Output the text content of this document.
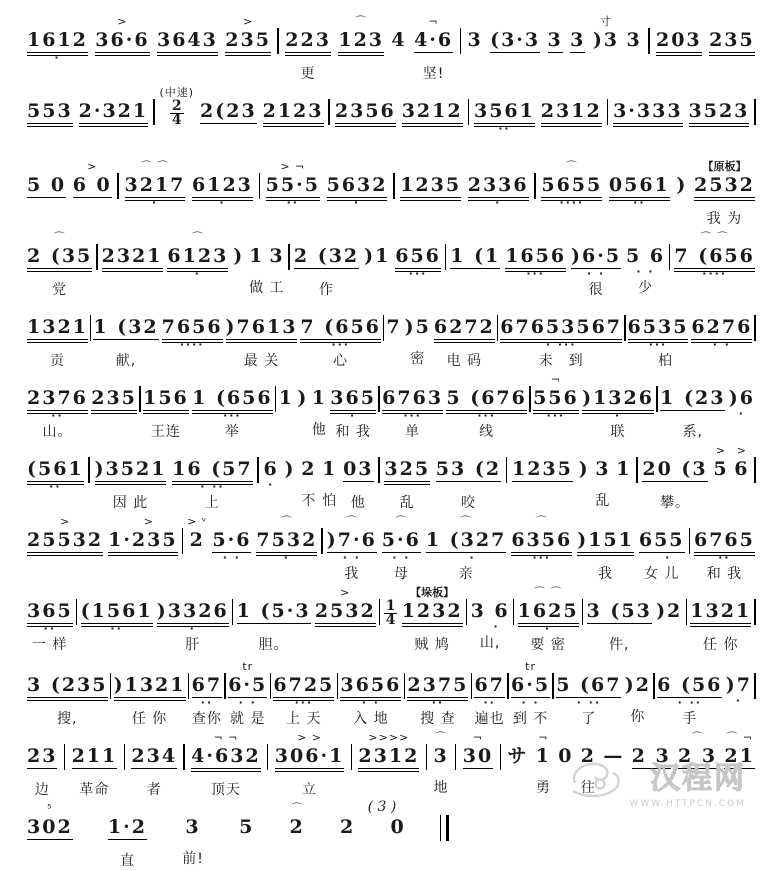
1612
·

>
36·6

3643

>
235

223

更
⌒
123

4

¬
4·6

坚!

3

(3·3

3

3

寸
)3

3

203

235

553

2·321

(中速)
$\frac{2}{4}$

2(23

2123

2356

3212

3561
··

2312

3·333

3523

5 0

>
6 0

⌒ ⌒
3217
·

6123
·

> ¬
55·5
··

5632
·

1235

2336
·

⌒
5655
····

0561
··

)

【原板】
2532

我 为
⌒
2 (35

党

2321

⌒
6123
·

)

1

做

3

工

2 (32

作

)1

656
···

1 (1

1656
···

)6·5
· ·
很

5 6
· ·
少
⌒ ⌒
7 (656
····

1321

贡

1 (32

献,

7656
····

)7613

最 关

7 (656
···
心

7

)5

密

6272

电 码

67653567
· ···
未　到

6535
···
　柏

6276
· ·

2376
··
山。

235

156

王连

1 (656
···
举

1

)

1

他

365
·
和 我

6763
···
单

5 (676
···
线
¬
556
···

)1326
·
联

1 (23

系,

)6
·

(561
··

)3521

因 此

16 (57
· ··
上

6
·

)

2

不

1

怕

03

他

325

乱

53 (2

咬

1235

)

3

乱

1

20 (3

攀。
>
5

>
6

>
25532

　>
1·235

> ᵛ
2

5·6
· ·

⌒
7532
·

⌒
)7·6
· ·
我
⌒
5·6
· ·
母
⌒
1 (327
　·
亲
⌒
6356
···

)151

我

655
　·
女 儿

6765
··
和 我

365
··
一 样

(1561
··

)3326
·
肝

1 (5·3

胆。
>
2532

$\frac{1}{4}$

【垛板】
1232

贼 鸠

3 6
　·
山,
⌒ ⌒
1625
·
要 密

3 (53

件,

)2

1321

任 你

3 (235

搜,

)1321

任 你

67
··
查你
tr
6·5
· ·
就 是

6725
···
上 天

3656
· ·
入 地

2375
··
搜 查

67
··
遍也
tr
6·5
· ·
到 不

5 (67
· ··
了

)2

你

6 (56
· ··
手

)7
·

23

边

211

革命

234

者
¬ ¬
4·632

顶天
> >
306·1

立
>>>>
2312

⌒
3

地
¬
30

サ

¬
1

勇

0

2

往

—

2 3

⌒
2 3

⌒ ¬
21

⁵
302

1·2

直

3

前!

5

⌒
2

2

0

( 3 )
汉程网
WWW.HTTPCN.COM
